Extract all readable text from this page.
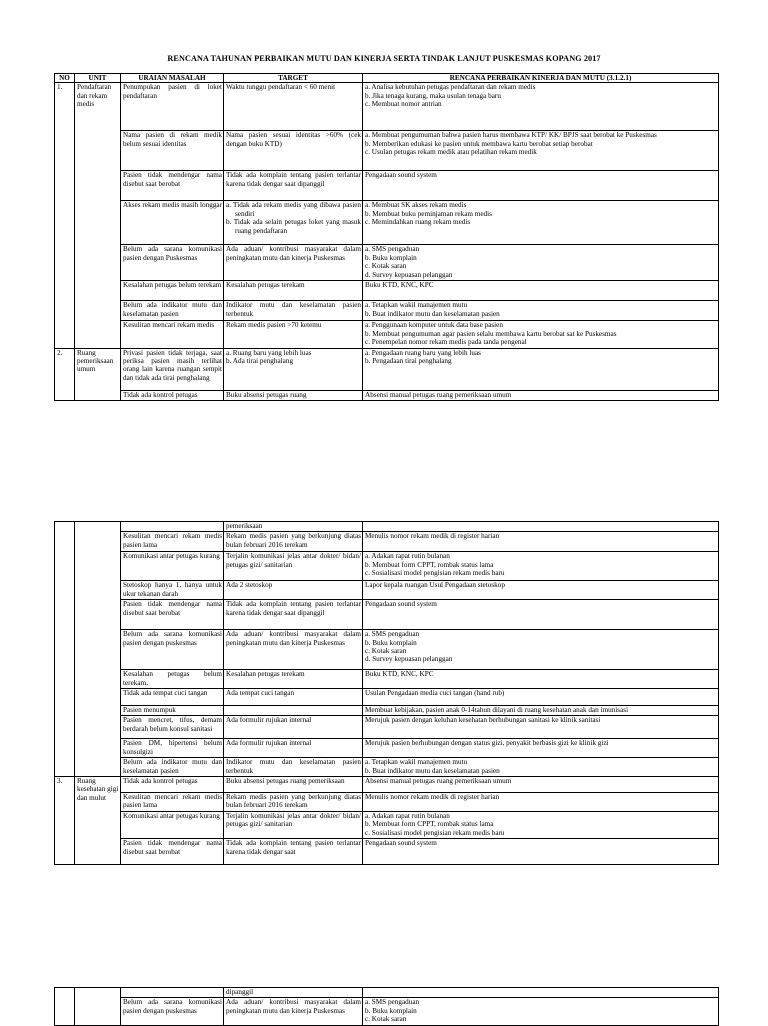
RENCANA TAHUNAN PERBAIKAN MUTU DAN KINERJA SERTA TINDAK LANJUT PUSKESMAS KOPANG 2017
NO	UNIT	URAIAN MASALAH	TARGET	RENCANA PERBAIKAN KINERJA DAN MUTU (3.1.2.1)
1.	Pendaftaran dan rekam medis	Penumpukan pasien di loket pendaftaran	Waktu tunggu pendaftaran < 60 menit	a. Analisa kebutuhan petugas pendaftaran dan rekam medis
b. Jika tenaga kurang, maka usulan tenaga baru
c. Membuat nomor antrian

		Nama pasien di rekam medik belum sesuai identitas	Nama pasien sesuai identitas >60% (cek dengan buku KTD)	a. Membuat pengumuman bahwa pasien harus membawa KTP/ KK/ BPJS saat berobat ke Puskesmas
b. Memberikan edukasi ke pasien untuk membawa kartu berobat setiap berobat
c. Usulan petugas rekam medik atau pelatihan rekam medik

		Pasien tidak mendengar nama disebut saat berobat	Tidak ada komplain tentang pasien terlantar karena tidak dengar saat dipanggil	Pengadaan sound system

		Akses rekam medis masih longgar	a. Tidak ada rekam medis yang dibawa pasien sendiri
b. Tidak ada selain petugas loket yang masuk ruang pendaftaran	a. Membuat SK akses rekam medis
b. Membuat buku peminjaman rekam medis
c. Memindahkan ruang rekam medis

		Belum ada sarana komunikasi pasien dengan Puskesmas	Ada aduan/ kontribusi masyarakat dalam peningkatan mutu dan kinerja Puskesmas	a. SMS pengaduan
b. Buku komplain
c. Kotak saran
d. Survey kepuasan pelanggan

		Kesalahan petugas belum terekam	Kesalahan petugas terekam	Buku KTD, KNC, KPC

		Belum ada indikator mutu dan keselamatan pasien	Indikator mutu dan keselamatan pasien terbentuk	a. Tetapkan wakil manajemen mutu
b. Buat indikator mutu dan keselamatan pasien

		Kesulitan mencari rekam medis	Rekam medis pasien >70 ketemu	a. Penggunaan komputer untuk data base pasien
b. Membuat pengumuman agar pasien selalu membawa kartu berobat sat ke Puskesmas
c. Penempelan nomor rekam medis pada tanda pengenal

2.	Ruang pemeriksaan umum	Privasi pasien tidak terjaga, saat periksa pasien masih terlihat orang lain karena ruangan sempit dan tidak ada tirai penghalang	a. Ruang baru yang lebih luas
b. Ada tirai penghalang	a. Pengadaan ruang baru yang lebih luas
b. Pengadaan tirai penghalang

		Tidak ada kontrol petugas	Buku absensi petugas ruang	Absensi manual petugas ruang pemeriksaan umum
			pemeriksaan	

		Kesulitan mencari rekam medis pasien lama	Rekam medis pasien yang berkunjung diatas bulan februari 2016 terekam	Menulis nomor rekam medik di register harian

		Komunikasi antar petugas kurang	Terjalin komunikasi jelas antar dokter/ bidan/ petugas gizi/ sanitarian	a. Adakan rapat rutin bulanan
b. Membuat form CPPT, rombak status lama
c. Sosialisasi model pengisian rekam medis baru

		Stetoskop hanya 1, hanya untuk ukur tekanan darah	Ada 2 stetoskop	Lapor kepala ruangan Usul Pengadaan stetoskop

		Pasien tidak mendengar nama disebut saat berobat	Tidak ada komplain tentang pasien terlantar karena tidak dengar saat dipanggil	Pengadaan sound system

		Belum ada sarana komunikasi pasien dengan puskesmas	Ada aduan/ kontribusi masyarakat dalam peningkatan mutu dan kinerja Puskesmas	a. SMS pengaduan
b. Buku komplain
c. Kotak saran
d. Survey kepuasan pelanggan

		Kesalahan petugas belum terekam,	Kesalahan petugas terekam	Buku KTD, KNC, KPC

		Tidak ada tempat cuci tangan	Ada tempat cuci tangan	Usulan Pengadaan media cuci tangan (hand rub)

		Pasien menumpuk		Membuat kebijakan, pasien anak 0-14tahun dilayani di ruang kesehatan anak dan imunisasi

		Pasien mencret, tifus, demam berdarah belum konsul sanitasi	Ada formulir rujukan internal	Merujuk pasien dengan keluhan kesehatan berhubungan sanitasi ke klinik sanitasi

		Pasien DM, hipertensi belum konsulgizi	Ada formulir rujukan internal	Merujuk pasien berhubungan dengan status gizi, penyakit berbasis gizi ke klinik gizi

		Belum ada indikator mutu dan keselamatan pasien	Indikator mutu dan keselamatan pasien terbentuk	a. Tetapkan wakil manajemen mutu
b. Buat indikator mutu dan keselamatan pasien

3.	Ruang kesehatan gigi dan mulut	Tidak ada kontrol petugas	Buku absensi petugas ruang pemeriksaan	Absensi manual petugas ruang pemeriksaan umum

		Kesulitan mencari rekam medis pasien lama	Rekam medis pasien yang berkunjung diatas bulan februari 2016 terekam	Menulis nomor rekam medik di register harian

		Komunikasi antar petugas kurang	Terjalin komunikasi jelas antar dokter/ bidan/ petugas gizi/ sanitarian	a. Adakan rapat rutin bulanan
b. Membuat form CPPT, rombak status lama
c. Sosialisasi model pengisian rekam medis baru

		Pasien tidak mendengar nama disebut saat berobat	Tidak ada komplain tentang pasien terlantar karena tidak dengar saat	Pengadaan sound system
			dipanggil	

		Belum ada sarana komunikasi pasien dengan puskesmas	Ada aduan/ kontribusi masyarakat dalam peningkatan mutu dan kinerja Puskesmas	a. SMS pengaduan
b. Buku komplain
c. Kotak saran
